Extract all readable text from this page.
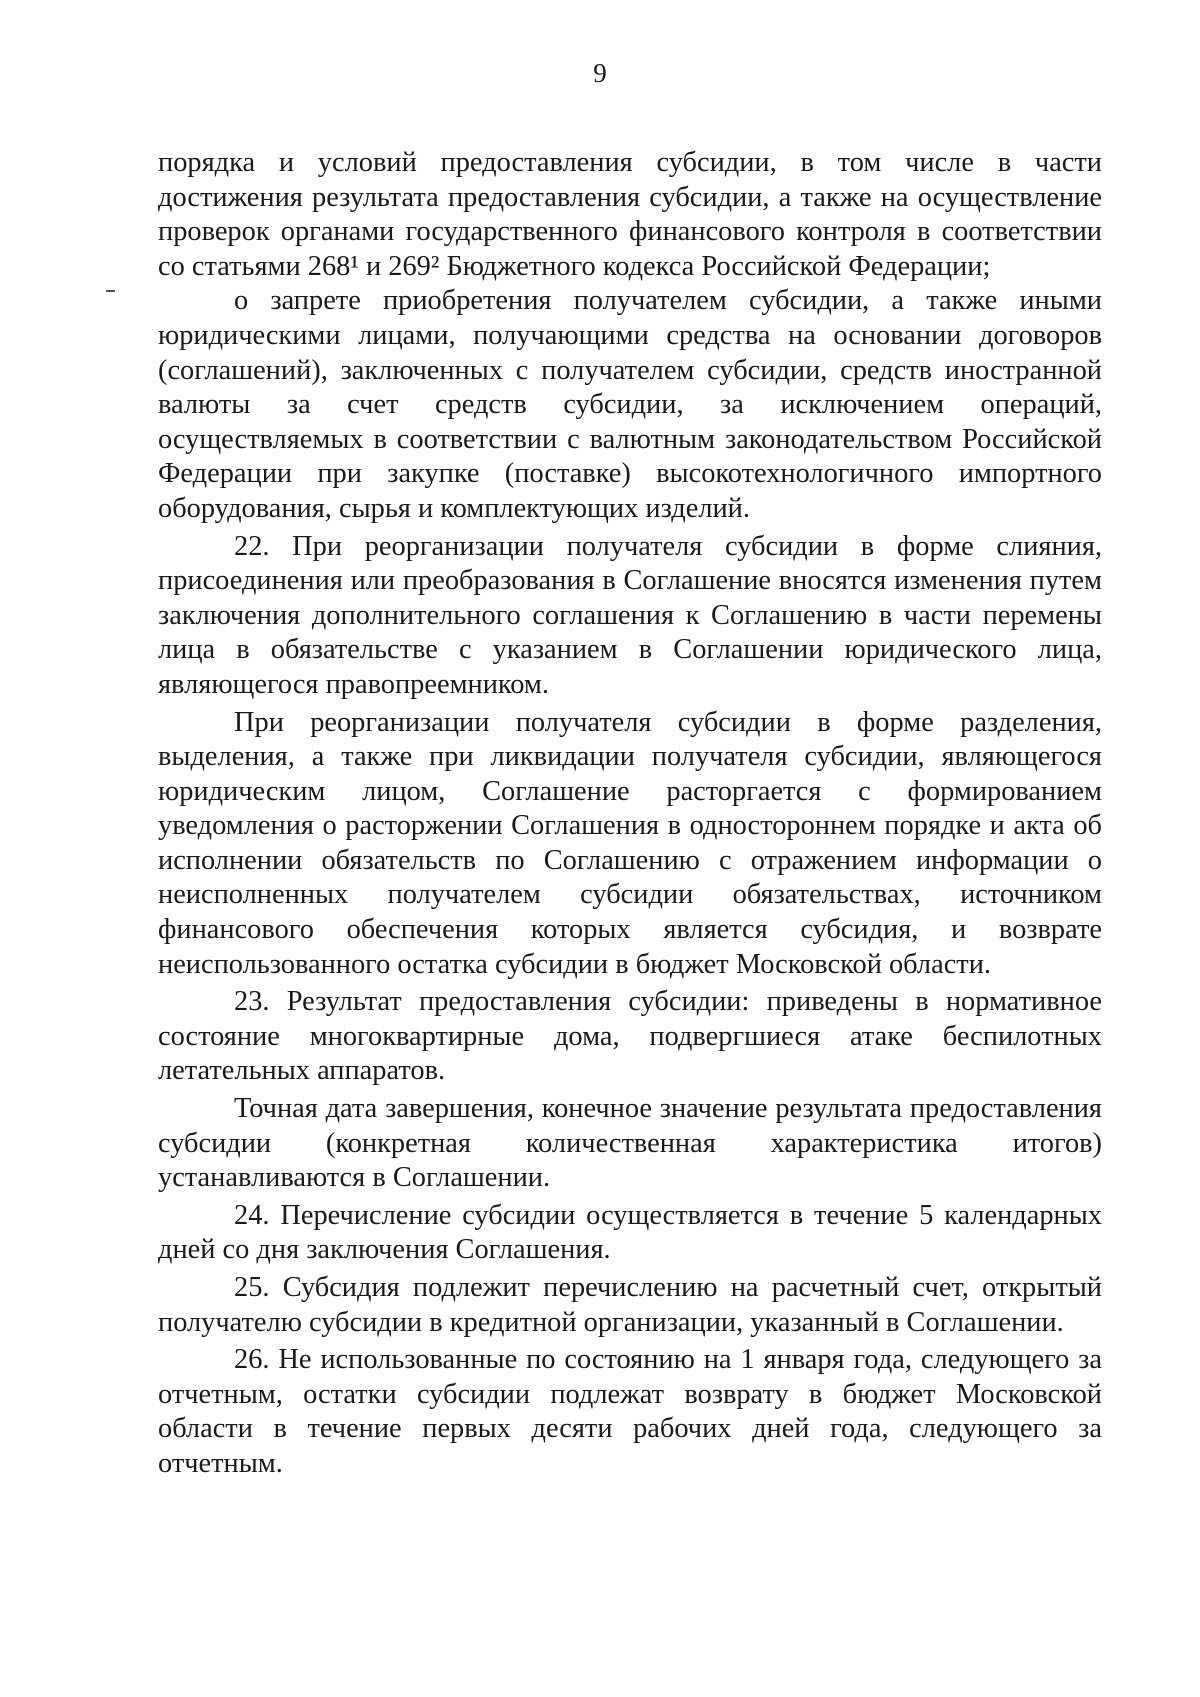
9

порядка и условий предоставления субсидии, в том числе в части достижения результата предоставления субсидии, а также на осуществление проверок органами государственного финансового контроля в соответствии со статьями 268¹ и 269² Бюджетного кодекса Российской Федерации;

о запрете приобретения получателем субсидии, а также иными юридическими лицами, получающими средства на основании договоров (соглашений), заключенных с получателем субсидии, средств иностранной валюты за счет средств субсидии, за исключением операций, осуществляемых в соответствии с валютным законодательством Российской Федерации при закупке (поставке) высокотехнологичного импортного оборудования, сырья и комплектующих изделий.

22. При реорганизации получателя субсидии в форме слияния, присоединения или преобразования в Соглашение вносятся изменения путем заключения дополнительного соглашения к Соглашению в части перемены лица в обязательстве с указанием в Соглашении юридического лица, являющегося правопреемником.

При реорганизации получателя субсидии в форме разделения, выделения, а также при ликвидации получателя субсидии, являющегося юридическим лицом, Соглашение расторгается с формированием уведомления о расторжении Соглашения в одностороннем порядке и акта об исполнении обязательств по Соглашению с отражением информации о неисполненных получателем субсидии обязательствах, источником финансового обеспечения которых является субсидия, и возврате неиспользованного остатка субсидии в бюджет Московской области.

23. Результат предоставления субсидии: приведены в нормативное состояние многоквартирные дома, подвергшиеся атаке беспилотных летательных аппаратов.

Точная дата завершения, конечное значение результата предоставления субсидии (конкретная количественная характеристика итогов) устанавливаются в Соглашении.

24. Перечисление субсидии осуществляется в течение 5 календарных дней со дня заключения Соглашения.

25. Субсидия подлежит перечислению на расчетный счет, открытый получателю субсидии в кредитной организации, указанный в Соглашении.

26. Не использованные по состоянию на 1 января года, следующего за отчетным, остатки субсидии подлежат возврату в бюджет Московской области в течение первых десяти рабочих дней года, следующего за отчетным.
